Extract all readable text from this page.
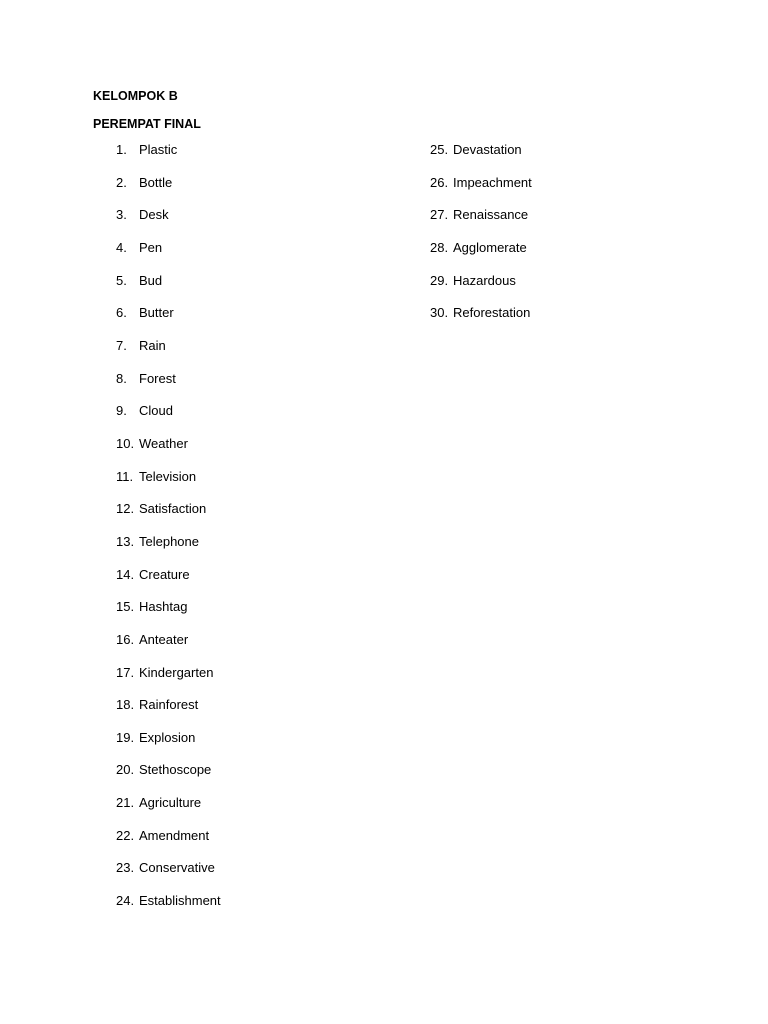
KELOMPOK B
PEREMPAT FINAL
1. Plastic
2. Bottle
3. Desk
4. Pen
5. Bud
6. Butter
7. Rain
8. Forest
9. Cloud
10. Weather
11. Television
12. Satisfaction
13. Telephone
14. Creature
15. Hashtag
16. Anteater
17. Kindergarten
18. Rainforest
19. Explosion
20. Stethoscope
21. Agriculture
22. Amendment
23. Conservative
24. Establishment
25. Devastation
26. Impeachment
27. Renaissance
28. Agglomerate
29. Hazardous
30. Reforestation
